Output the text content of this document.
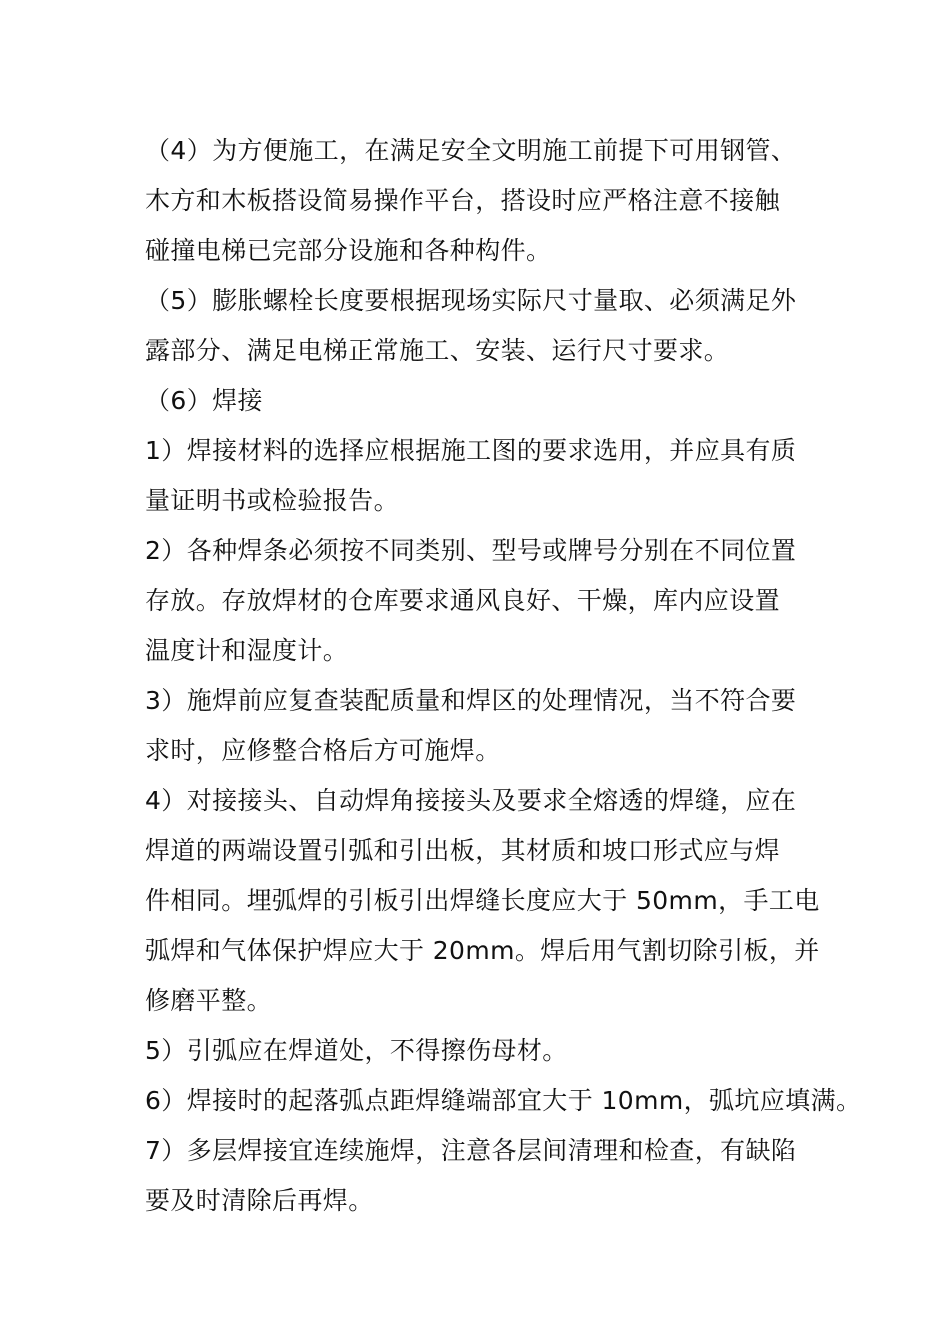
（4）为方便施工，在满足安全文明施工前提下可用钢管、
木方和木板搭设简易操作平台，搭设时应严格注意不接触
碰撞电梯已完部分设施和各种构件。

（5）膨胀螺栓长度要根据现场实际尺寸量取、必须满足外
露部分、满足电梯正常施工、安装、运行尺寸要求。

（6）焊接

1）焊接材料的选择应根据施工图的要求选用，并应具有质
量证明书或检验报告。

2）各种焊条必须按不同类别、型号或牌号分别在不同位置
存放。存放焊材的仓库要求通风良好、干燥，库内应设置
温度计和湿度计。

3）施焊前应复查装配质量和焊区的处理情况，当不符合要
求时，应修整合格后方可施焊。

4）对接接头、自动焊角接接头及要求全熔透的焊缝，应在
焊道的两端设置引弧和引出板，其材质和坡口形式应与焊
件相同。埋弧焊的引板引出焊缝长度应大于 50mm，手工电
弧焊和气体保护焊应大于 20mm。焊后用气割切除引板，并
修磨平整。

5）引弧应在焊道处，不得擦伤母材。

6）焊接时的起落弧点距焊缝端部宜大于 10mm，弧坑应填满。

7）多层焊接宜连续施焊，注意各层间清理和检查，有缺陷
要及时清除后再焊。
